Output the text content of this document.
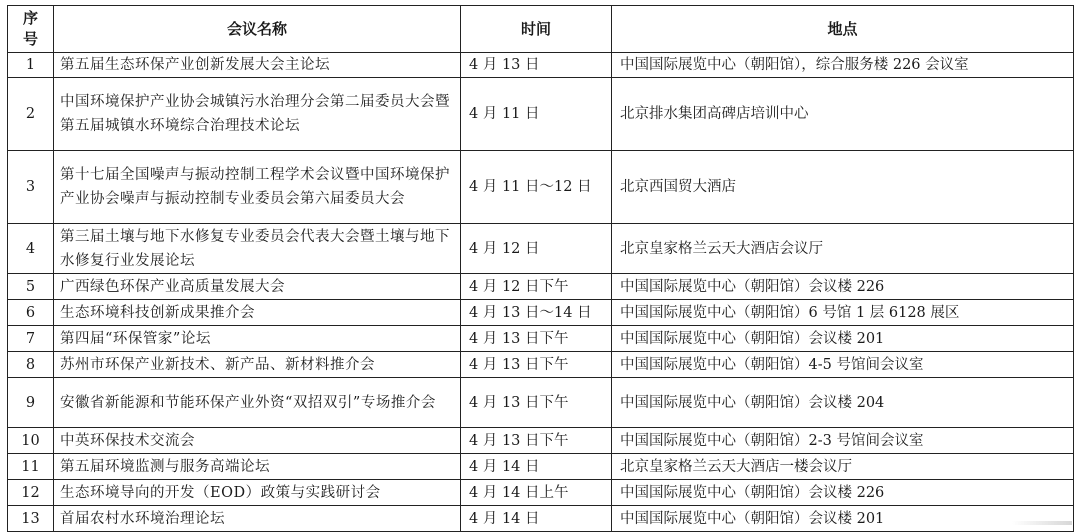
序号	会议名称	时间	地点
1	第五届生态环保产业创新发展大会主论坛	4 月 13 日	中国国际展览中心（朝阳馆），综合服务楼 226 会议室
2	中国环境保护产业协会城镇污水治理分会第二届委员大会暨第五届城镇水环境综合治理技术论坛	4 月 11 日	北京排水集团高碑店培训中心
3	第十七届全国噪声与振动控制工程学术会议暨中国环境保护产业协会噪声与振动控制专业委员会第六届委员大会	4 月 11 日～12 日	北京西国贸大酒店
4	第三届土壤与地下水修复专业委员会代表大会暨土壤与地下水修复行业发展论坛	4 月 12 日	北京皇家格兰云天大酒店会议厅
5	广西绿色环保产业高质量发展大会	4 月 12 日下午	中国国际展览中心（朝阳馆）会议楼 226
6	生态环境科技创新成果推介会	4 月 13 日～14 日	中国国际展览中心（朝阳馆）6 号馆 1 层 6128 展区
7	第四届“环保管家”论坛	4 月 13 日下午	中国国际展览中心（朝阳馆）会议楼 201
8	苏州市环保产业新技术、新产品、新材料推介会	4 月 13 日下午	中国国际展览中心（朝阳馆）4-5 号馆间会议室
9	安徽省新能源和节能环保产业外资“双招双引”专场推介会	4 月 13 日下午	中国国际展览中心（朝阳馆）会议楼 204
10	中英环保技术交流会	4 月 13 日下午	中国国际展览中心（朝阳馆）2-3 号馆间会议室
11	第五届环境监测与服务高端论坛	4 月 14 日	北京皇家格兰云天大酒店一楼会议厅
12	生态环境导向的开发（EOD）政策与实践研讨会	4 月 14 日上午	中国国际展览中心（朝阳馆）会议楼 226
13	首届农村水环境治理论坛	4 月 14 日	中国国际展览中心（朝阳馆）会议楼 201
